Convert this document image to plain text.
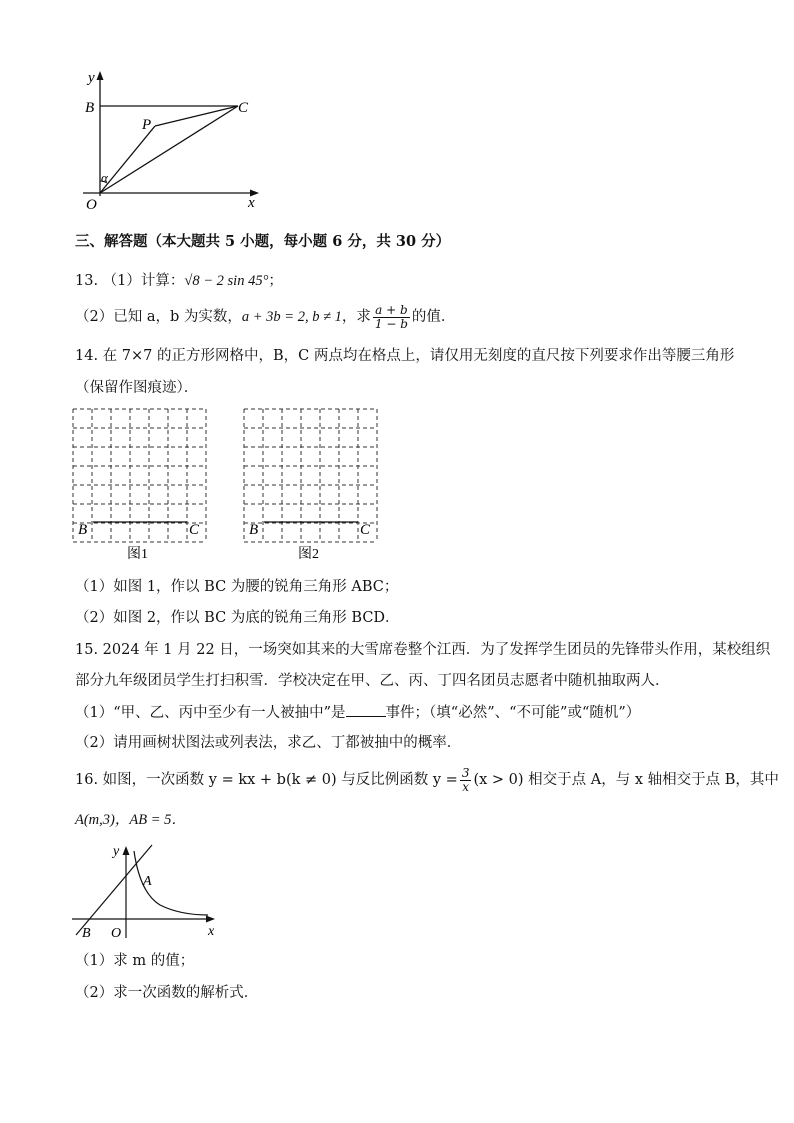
y
B	C
P
α
O	x
三、解答题（本大题共 5 小题，每小题 6 分，共 30 分）
13. （1）计算：√8 − 2 sin 45°；
（2）已知 a，b 为实数，a + 3b = 2, b ≠ 1，求 $\frac{a + b}{1 - b}$ 的值．
14. 在 7×7 的正方形网格中，B，C 两点均在格点上，请仅用无刻度的直尺按下列要求作出等腰三角形
（保留作图痕迹）．
B	C
图1
B	C
图2
（1）如图 1，作以 BC 为腰的锐角三角形 ABC；
（2）如图 2，作以 BC 为底的锐角三角形 BCD．
15. 2024 年 1 月 22 日，一场突如其来的大雪席卷整个江西．为了发挥学生团员的先锋带头作用，某校组织
部分九年级团员学生打扫积雪．学校决定在甲、乙、丙、丁四名团员志愿者中随机抽取两人．
（1）“甲、乙、丙中至少有一人被抽中”是	事件；（填“必然”、“不可能”或“随机”）
（2）请用画树状图法或列表法，求乙、丁都被抽中的概率．
16. 如图，一次函数 y = kx + b(k ≠ 0) 与反比例函数 $y = \frac{3}{x} (x > 0)$ 相交于点 A，与 x 轴相交于点 B，其中
A(m,3)，AB = 5．
y
A
B O	x
（1）求 m 的值；
（2）求一次函数的解析式．
